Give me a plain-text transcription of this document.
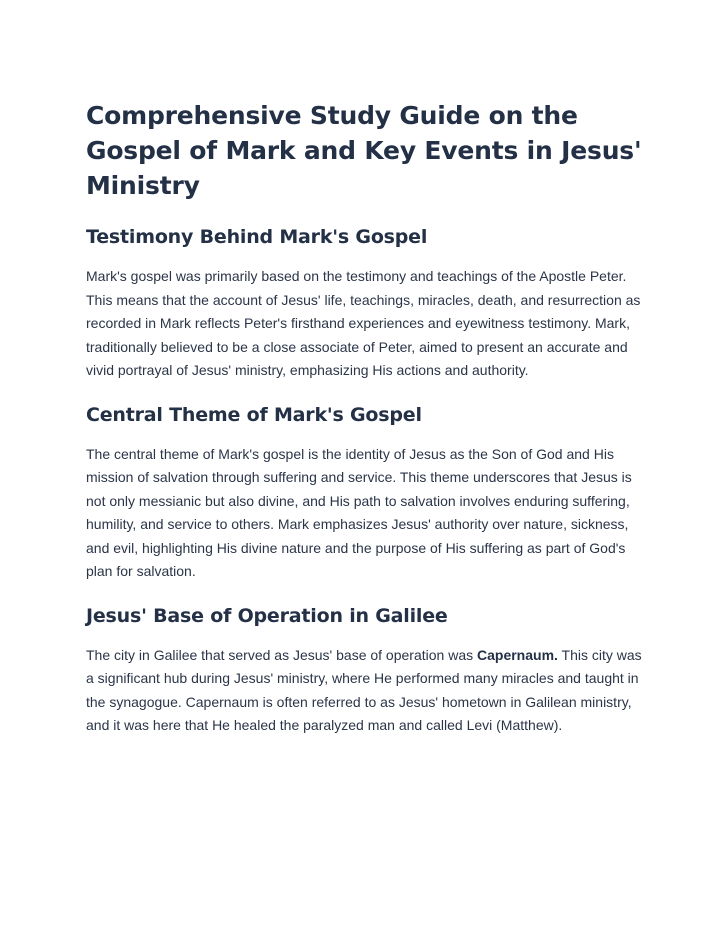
Comprehensive Study Guide on the Gospel of Mark and Key Events in Jesus' Ministry
Testimony Behind Mark's Gospel

Mark's gospel was primarily based on the testimony and teachings of the Apostle Peter. This means that the account of Jesus' life, teachings, miracles, death, and resurrection as recorded in Mark reflects Peter's firsthand experiences and eyewitness testimony. Mark, traditionally believed to be a close associate of Peter, aimed to present an accurate and vivid portrayal of Jesus' ministry, emphasizing His actions and authority.

Central Theme of Mark's Gospel

The central theme of Mark's gospel is the identity of Jesus as the Son of God and His mission of salvation through suffering and service. This theme underscores that Jesus is not only messianic but also divine, and His path to salvation involves enduring suffering, humility, and service to others. Mark emphasizes Jesus' authority over nature, sickness, and evil, highlighting His divine nature and the purpose of His suffering as part of God's plan for salvation.

Jesus' Base of Operation in Galilee

The city in Galilee that served as Jesus' base of operation was Capernaum. This city was a significant hub during Jesus' ministry, where He performed many miracles and taught in the synagogue. Capernaum is often referred to as Jesus' hometown in Galilean ministry, and it was here that He healed the paralyzed man and called Levi (Matthew).
